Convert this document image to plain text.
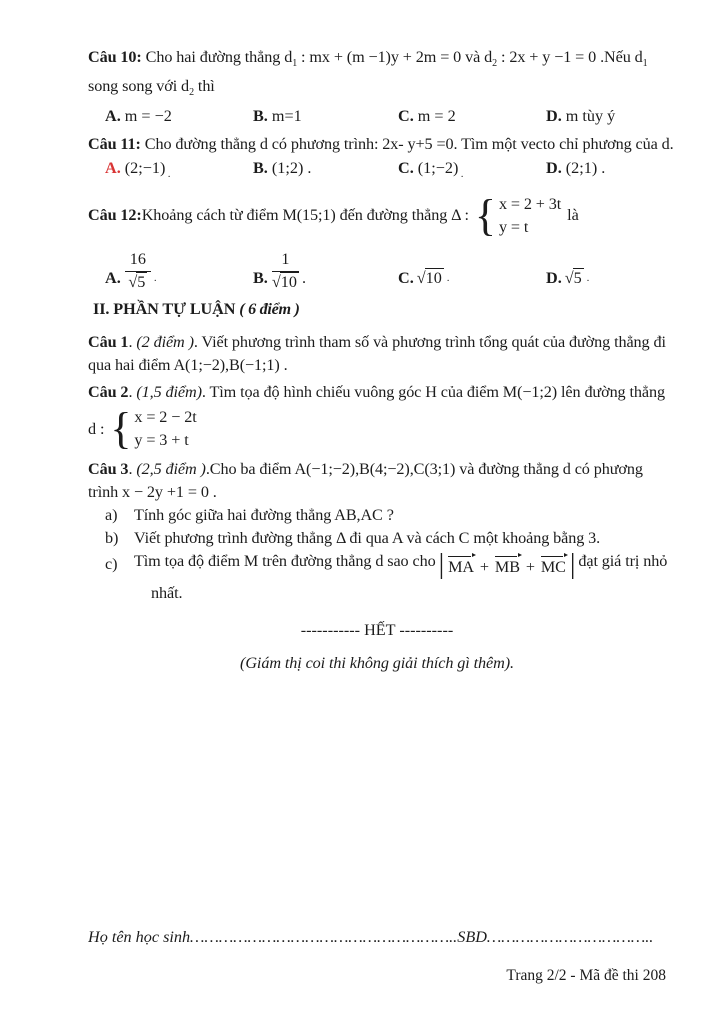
Câu 10: Cho hai đường thẳng $d_1$ : mx + (m −1)y + 2m = 0 và $d_2$ : 2x + y −1 = 0 .Nếu $d_1$
song song với $d_2$ thì
A. m = −2	B. m=1	C. m = 2	D. m tùy ý
Câu 11: Cho đường thẳng d có phương trình: 2x- y+5 =0. Tìm một vecto chỉ phương của d.
A. (2;−1) $_.$	B. (1;2) .	C. (1;−2) $_.$	D. (2;1) .
Câu 12: Khoảng cách từ điểm M(15;1) đến đường thẳng Δ : { x = 2 + 3t
y = t
là
A. $\frac{16}{√5}$ .	B. $\frac{1}{√10}$ .	C. √10 .	D. √5 .
II. PHẦN TỰ LUẬN ( 6 điểm )
Câu 1. (2 điểm ). Viết phương trình tham số và phương trình tổng quát của đường thẳng đi
qua hai điểm A(1;−2),B(−1;1) .
Câu 2. (1,5 điểm). Tìm tọa độ hình chiếu vuông góc H của điểm M(−1;2) lên đường thẳng
d : { x = 2 − 2t
y = 3 + t
Câu 3. (2,5 điểm ).Cho ba điểm A(−1;−2),B(4;−2),C(3;1) và đường thẳng d có phương
trình x − 2y +1 = 0 .
a)	Tính góc giữa hai đường thẳng AB,AC ?
b) Viết phương trình đường thẳng Δ đi qua A và cách C một khoảng bằng 3.
c)	Tìm tọa độ điểm M trên đường thẳng d sao cho | MA + MB + MC | đạt giá trị nhỏ
nhất.
----------- HẾT ----------
(Giám thị coi thi không giải thích gì thêm).
Họ tên học sinh………………………………………………..SBD……………………………..
Trang 2/2 - Mã đề thi 208
